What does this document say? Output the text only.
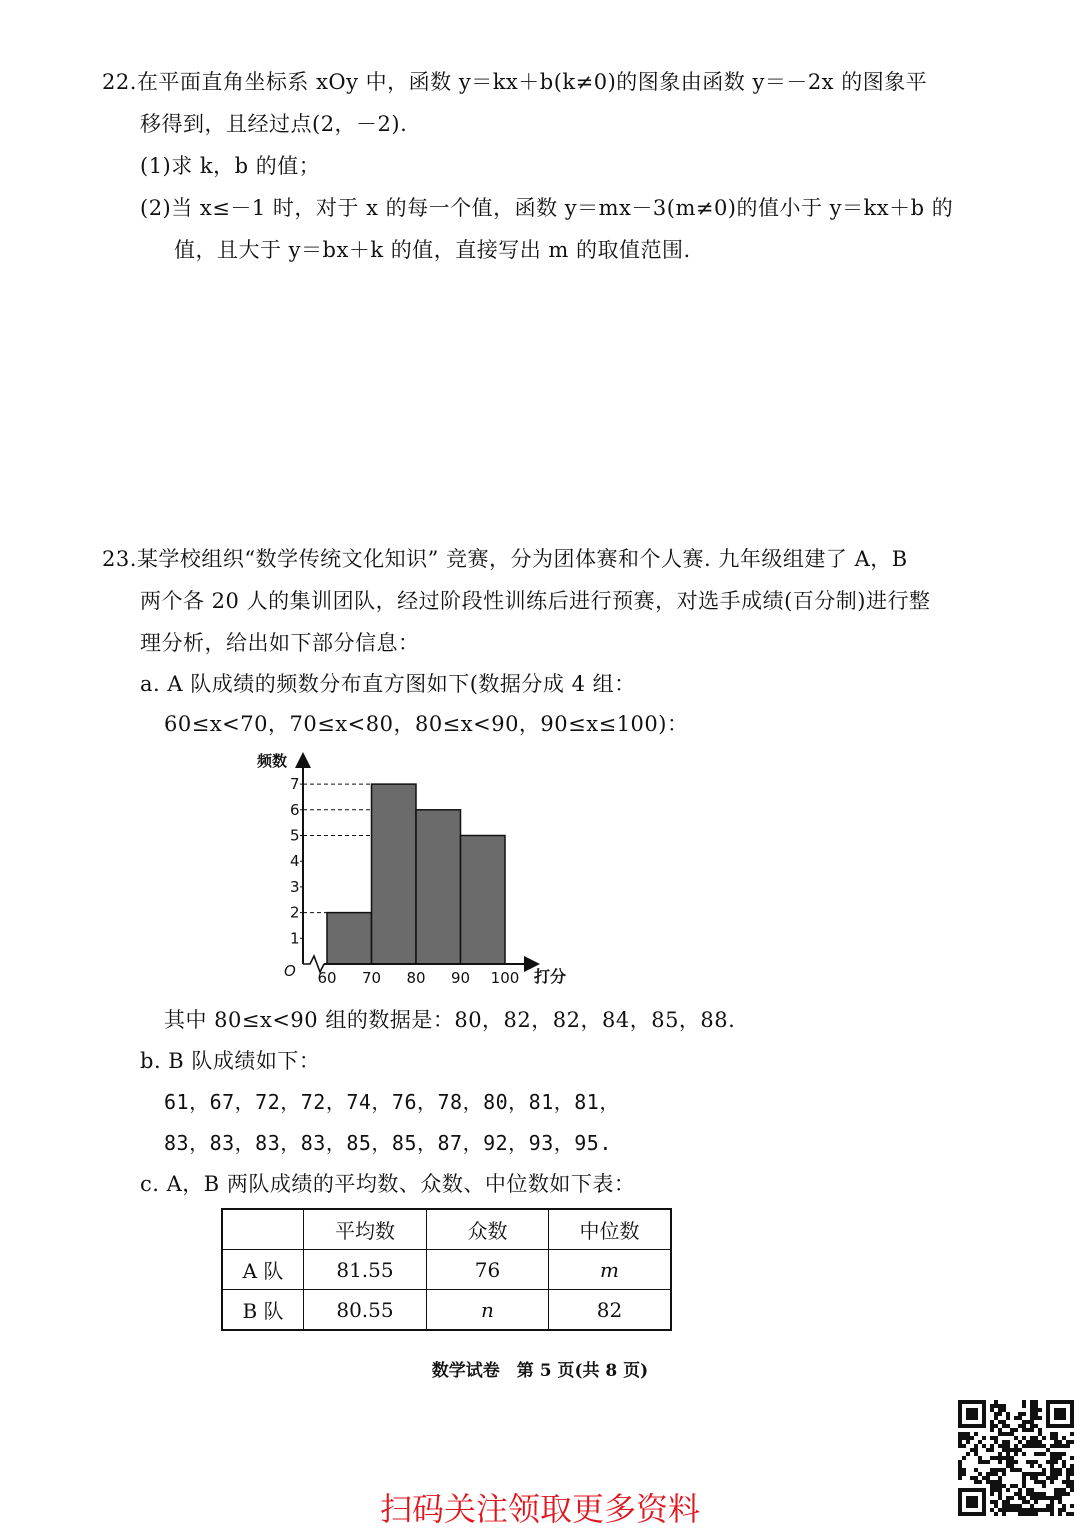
22.在平面直角坐标系 xOy 中，函数 y＝kx＋b(k≠0)的图象由函数 y＝－2x 的图象平
移得到，且经过点(2，－2).
(1)求 k，b 的值；
(2)当 x≤－1 时，对于 x 的每一个值，函数 y＝mx－3(m≠0)的值小于 y＝kx＋b 的
值，且大于 y＝bx＋k 的值，直接写出 m 的取值范围.
23.某学校组织“数学传统文化知识” 竞赛，分为团体赛和个人赛. 九年级组建了 A，B
两个各 20 人的集训团队，经过阶段性训练后进行预赛，对选手成绩(百分制)进行整
理分析，给出如下部分信息：
a. A 队成绩的频数分布直方图如下(数据分成 4 组：
60≤x<70，70≤x<80，80≤x<90，90≤x≤100)：
频数
打分
O
1
2
3
4
5
6
7
60 70 80 90 100
其中 80≤x<90 组的数据是：80，82，82，84，85，88.
b. B 队成绩如下：
61，67，72，72，74，76，78，80，81，81，
83，83，83，83，85，85，87，92，93，95.
c. A，B 两队成绩的平均数、众数、中位数如下表：
	平均数	众数	中位数
A 队	81.55	76	m
B 队	80.55	n	82
数学试卷　第 5 页(共 8 页)
扫码关注领取更多资料
